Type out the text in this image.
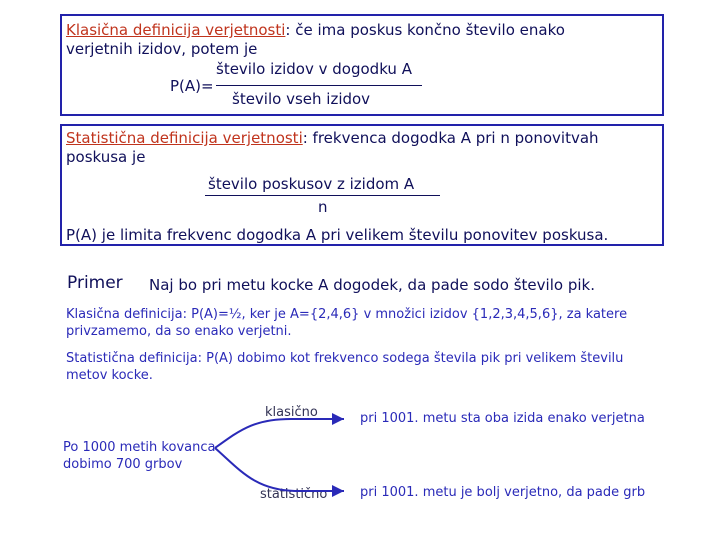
Klasična definicija verjetnosti: če ima poskus končno število enako
verjetnih izidov, potem je
število izidov v dogodku A
P(A)=
število vseh izidov
Statistična definicija verjetnosti: frekvenca dogodka A pri n ponovitvah
poskusa je
število poskusov z izidom A
n
P(A) je limita frekvenc dogodka A pri velikem številu ponovitev poskusa.
Primer Naj bo pri metu kocke A dogodek, da pade sodo število pik.
Klasična definicija: P(A)=½, ker je A={2,4,6} v množici izidov {1,2,3,4,5,6}, za katere
privzamemo, da so enako verjetni.
Statistična definicija: P(A) dobimo kot frekvenco sodega števila pik pri velikem številu
metov kocke.
klasično	pri 1001. metu sta oba izida enako verjetna
Po 1000 metih kovanca
dobimo 700 grbov
statistično	pri 1001. metu je bolj verjetno, da pade grb
